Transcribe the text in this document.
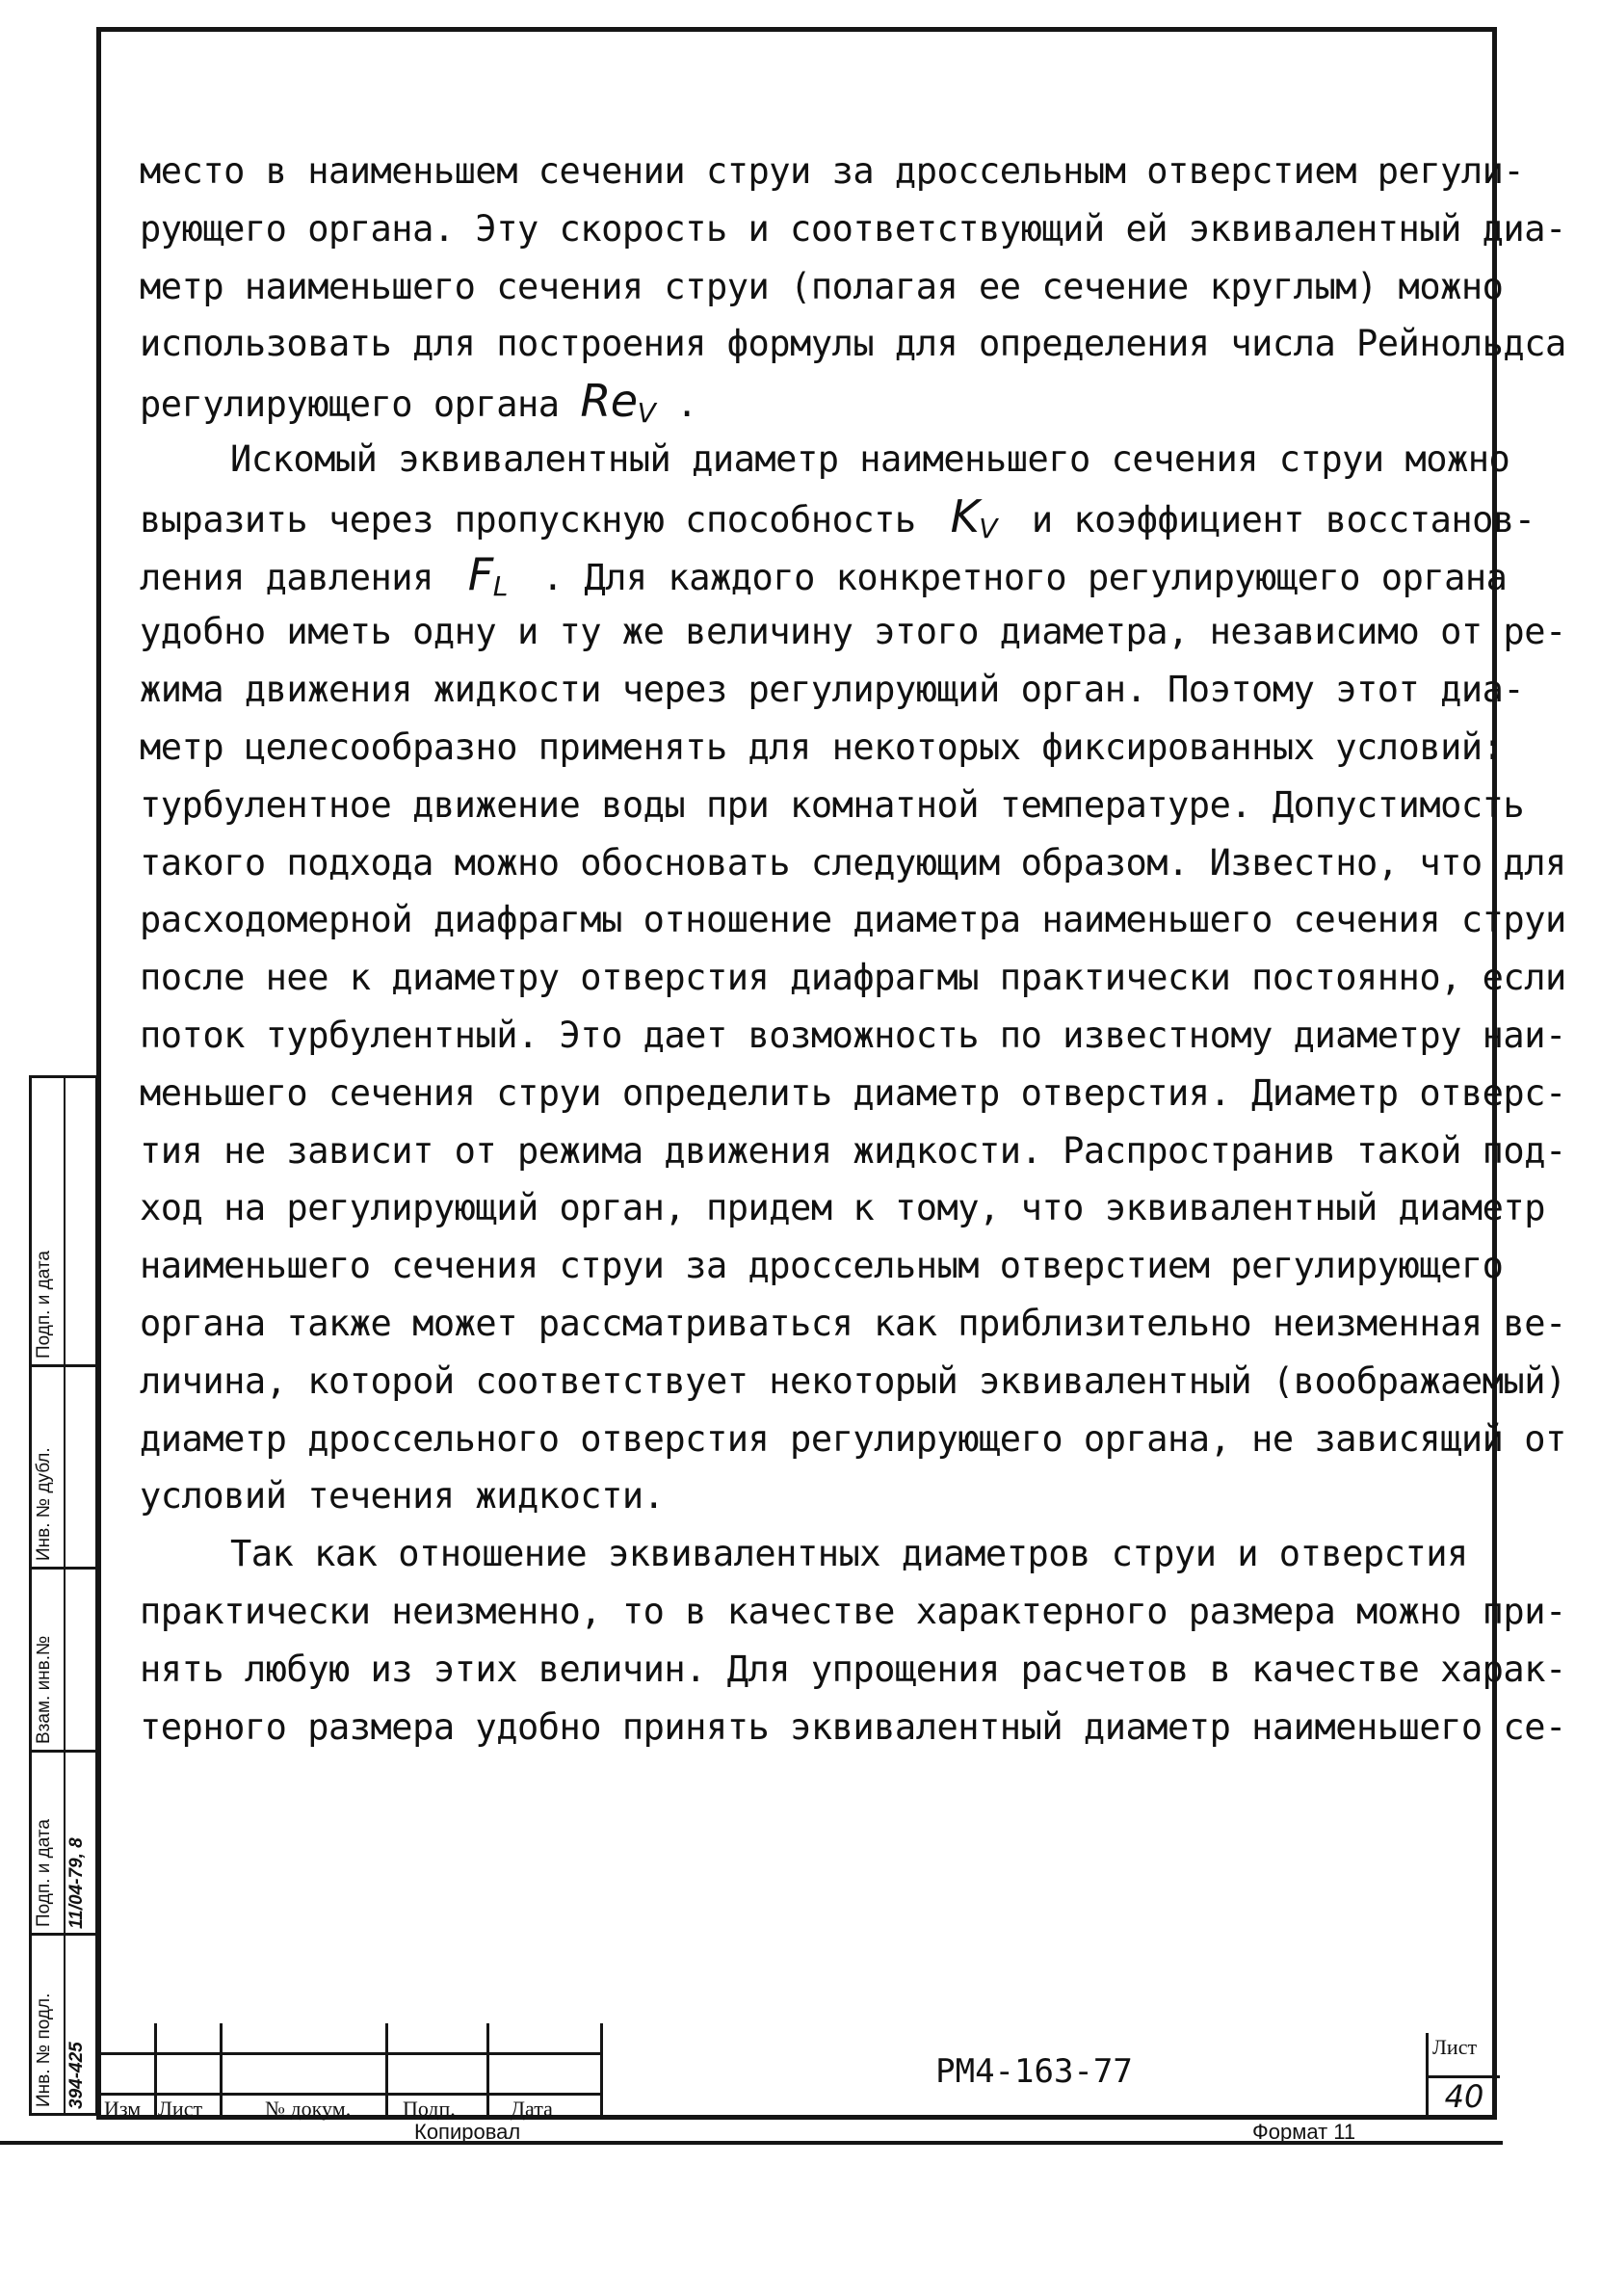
место в наименьшем сечении струи за дроссельным отверстием регули-
рующего органа. Эту скорость и соответствующий ей эквивалентный диа-
метр наименьшего сечения струи (полагая ее сечение круглым) можно
использовать для построения формулы для определения числа Рейнольдса
регулирующего органа $Re_V$ .
Искомый эквивалентный диаметр наименьшего сечения струи можно
выразить через пропускную способность $K_V$ и коэффициент восстанов-
ления давления $F_L$ . Для каждого конкретного регулирующего органа
удобно иметь одну и ту же величину этого диаметра, независимо от ре-
жима движения жидкости через регулирующий орган. Поэтому этот диа-
метр целесообразно применять для некоторых фиксированных условий:
турбулентное движение воды при комнатной температуре. Допустимость
такого подхода можно обосновать следующим образом. Известно, что для
расходомерной диафрагмы отношение диаметра наименьшего сечения струи
после нее к диаметру отверстия диафрагмы практически постоянно, если
поток турбулентный. Это дает возможность по известному диаметру наи-
меньшего сечения струи определить диаметр отверстия. Диаметр отверс-
тия не зависит от режима движения жидкости. Распространив такой под-
ход на регулирующий орган, придем к тому, что эквивалентный диаметр
наименьшего сечения струи за дроссельным отверстием регулирующего
органа также может рассматриваться как приблизительно неизменная ве-
личина, которой соответствует некоторый эквивалентный (воображаемый)
диаметр дроссельного отверстия регулирующего органа, не зависящий от
условий течения жидкости.
Так как отношение эквивалентных диаметров струи и отверстия
практически неизменно, то в качестве характерного размера можно при-
нять любую из этих величин. Для упрощения расчетов в качестве харак-
терного размера удобно принять эквивалентный диаметр наименьшего се-
Подп. и дата
Инв. № дубл.
Взам. инв.№
Подп. и дата 11/04-79, 8
Инв. № подл. 394-425 Изм Лист	№ докум. Подп.	Дата
РМ4-163-77
Лист
40
Копировал	Формат 11
